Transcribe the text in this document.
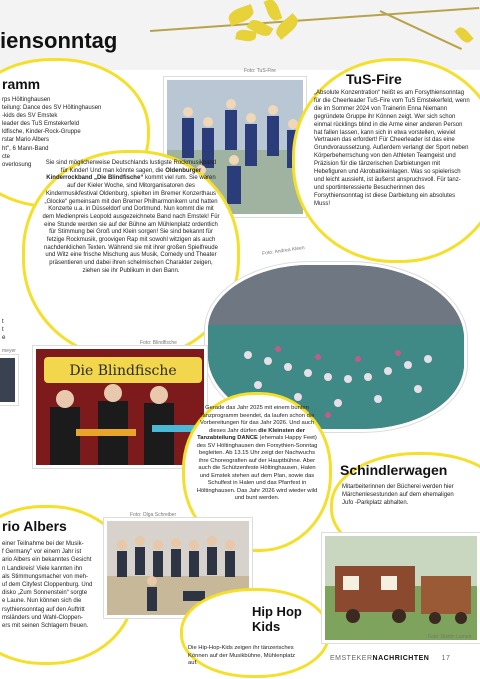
iensonntag
ramm
rps Höltinghausen
teilung: Dance des SV Höltinghausen
-kids des SV Emstek
leader des TuS Emstekerfeld
ldfische, Kinder-Rock-Gruppe
rstar Mario Albers
ht", 6 Mann-Band
cte
overlosung
t
t
e
meyer
Foto: TuS-Fire	TuS-Fire
„Absolute Konzentration“ heißt es am Forsythiensonntag für die Cheerleader TuS-Fire vom TuS Emstekerfeld, wenn die im Sommer 2024 von Trainerin Enna Niemann gegründete Gruppe ihr Können zeigt. Wer sich schon einmal rücklings blind in die Arme einer anderen Person hat fallen lassen, kann sich in etwa vorstellen, wieviel Vertrauen das erfordert! Für Cheerleader ist das eine Grundvoraussetzung. Außerdem verlangt der Sport neben Körperbeherrschung von den Athleten Teamgeist und Präzision für die tänzerischen Darbietungen mit Hebefiguren und Akrobatikeinlagen. Was so spielerisch und leicht aussieht, ist äußerst anspruchsvoll. Für tanz- und sportinteressierte Besucherinnen des Forsythiensonntag ist diese Darbietung ein absolutes Muss!
Sie sind möglicherweise Deutschlands lustigste Rockmusikband für Kinder! Und man könnte sagen, die Oldenburger Kinderrockband „Die Blindfische“ kommt viel rum. Sie waren auf der Kieler Woche, sind Mitorganisatoren des Kindermusikfestival Oldenburg, spielten im Bremer Konzerthaus „Glocke“ gemeinsam mit den Bremer Philharmonikern und hatten Konzerte u.a. in Düsseldorf und Dortmund. Nun kommt die mit dem Medienpreis Leopold ausgezeichnete Band nach Emstek! Für eine Stunde werden sie auf der Bühne am Mühlenplatz ordentlich für Stimmung bei Groß und Klein sorgen! Sie sind bekannt für fetzige Rockmusik, groovigen Rap mit sowohl witzigen als auch nachdenklichen Texten. Während sie mit ihrer großen Spielfreude und Witz eine frische Mischung aus Musik, Comedy und Theater präsentieren und dabei ihren schelmischen Charakter zeigen, ziehen sie ihr Publikum in den Bann.
Foto: Andrea Kleen
Foto: Blindfische
Die Blindfische
Gerade das Jahr 2025 mit einem bunten Tanzprogramm beendet, da laufen schon die Vorbereitungen für das Jahr 2026. Und auch dieses Jahr dürfen die Kleinsten der Tanzabteilung DANCE (ehemals Happy Feet) des SV Höltinghausen den Forsythien-Sonntag begleiten. Ab 13.15 Uhr zeigt der Nachwuchs ihre Choreografien auf der Hauptbühne. Aber auch die Schützenfeste Höltinghausen, Halen und Emstek stehen auf dem Plan, sowie das Schulfest in Halen und das Pfarrfest in Höltinghausen. Das Jahr 2026 wird wieder wild und bunt werden.
rio Albers
einer Teilnahme bei der Musik-
f Germany" vor einem Jahr ist
ario Albers ein bekanntes Gesicht
n Landkreis! Viele kannten ihn
als Stimmungsmacher von meh-
uf dem Cityfest Cloppenburg. Und
disko „Zum Sonnenstein“ sorgte
e Laune. Nun können sich die
rsythiensonntag auf den Auftritt
msländers und Wahl-Cloppen-
ers mit seinen Schlagern freuen.
Foto: Olga Schreiber
Hip Hop Kids
Die Hip-Hop-Kids zeigen ihr tänzerisches Können auf der Musikbühne, Mühlenplatz auf.
Schindlerwagen
Mitarbeiterinnen der Bücherei werden hier Märchenlesestunden auf dem ehemaligen Jufo -Parkplatz abhalten.
Foto: Martin Lamen
EMSTEKERNACHRICHTEN 17
